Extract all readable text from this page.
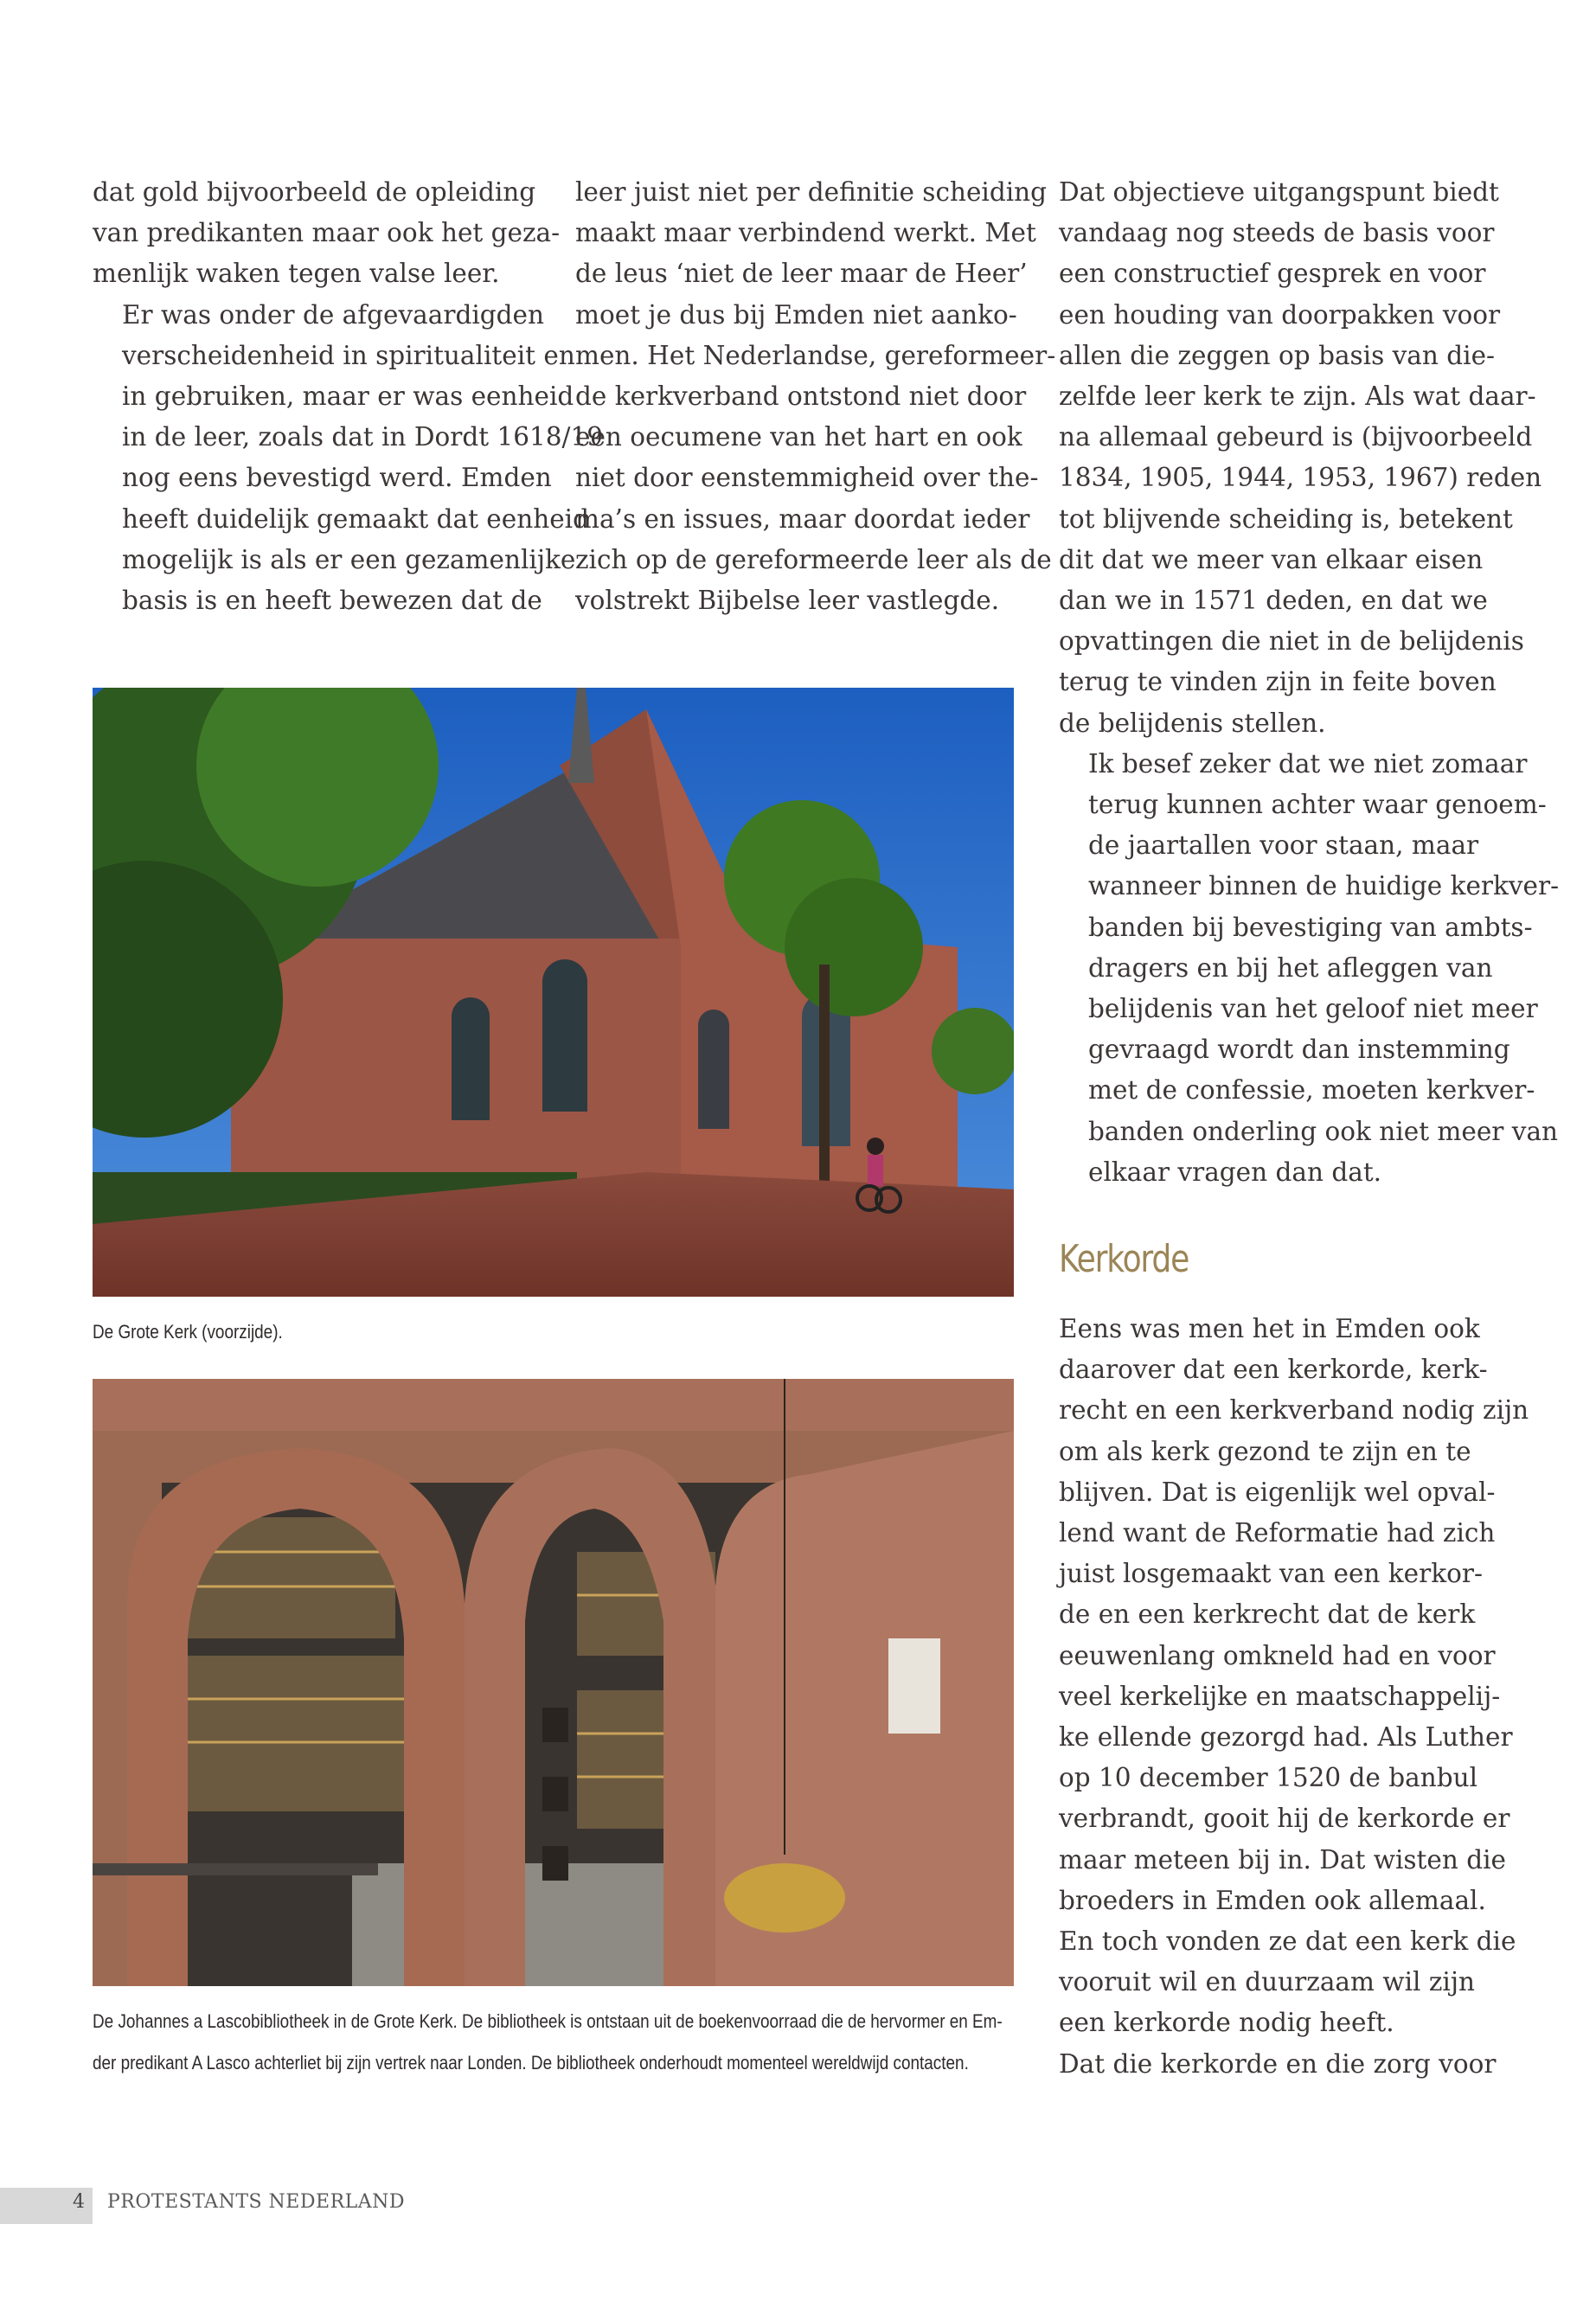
dat gold bijvoorbeeld de opleiding
van predikanten maar ook het geza-
menlijk waken tegen valse leer.

Er was onder de afgevaardigden
verscheidenheid in spiritualiteit en
in gebruiken, maar er was eenheid
in de leer, zoals dat in Dordt 1618/19
nog eens bevestigd werd. Emden
heeft duidelijk gemaakt dat eenheid
mogelijk is als er een gezamenlijke
basis is en heeft bewezen dat de

leer juist niet per definitie scheiding
maakt maar verbindend werkt. Met
de leus ‘niet de leer maar de Heer’
moet je dus bij Emden niet aanko-
men. Het Nederlandse, gereformeer-
de kerkverband ontstond niet door
een oecumene van het hart en ook
niet door eenstemmigheid over the-
ma’s en issues, maar doordat ieder
zich op de gereformeerde leer als de
volstrekt Bijbelse leer vastlegde.

Dat objectieve uitgangspunt biedt
vandaag nog steeds de basis voor
een constructief gesprek en voor
een houding van doorpakken voor
allen die zeggen op basis van die-
zelfde leer kerk te zijn. Als wat daar-
na allemaal gebeurd is (bijvoorbeeld
1834, 1905, 1944, 1953, 1967) reden
tot blijvende scheiding is, betekent
dit dat we meer van elkaar eisen
dan we in 1571 deden, en dat we
opvattingen die niet in de belijdenis
terug te vinden zijn in feite boven
de belijdenis stellen.

Ik besef zeker dat we niet zomaar
terug kunnen achter waar genoem-
de jaartallen voor staan, maar
wanneer binnen de huidige kerkver-
banden bij bevestiging van ambts-
dragers en bij het afleggen van
belijdenis van het geloof niet meer
gevraagd wordt dan instemming
met de confessie, moeten kerkver-
banden onderling ook niet meer van
elkaar vragen dan dat.

Kerkorde

Eens was men het in Emden ook
daarover dat een kerkorde, kerk-
recht en een kerkverband nodig zijn
om als kerk gezond te zijn en te
blijven. Dat is eigenlijk wel opval-
lend want de Reformatie had zich
juist losgemaakt van een kerkor-
de en een kerkrecht dat de kerk
eeuwenlang omkneld had en voor
veel kerkelijke en maatschappelij-
ke ellende gezorgd had. Als Luther
op 10 december 1520 de banbul
verbrandt, gooit hij de kerkorde er
maar meteen bij in. Dat wisten die
broeders in Emden ook allemaal.

En toch vonden ze dat een kerk die
vooruit wil en duurzaam wil zijn
een kerkorde nodig heeft.

Dat die kerkorde en die zorg voor

De Grote Kerk (voorzijde).
De Johannes a Lascobibliotheek in de Grote Kerk. De bibliotheek is ontstaan uit de boekenvoorraad die de hervormer en Em-
der predikant A Lasco achterliet bij zijn vertrek naar Londen. De bibliotheek onderhoudt momenteel wereldwijd contacten.
4 PROTESTANTS NEDERLAND
